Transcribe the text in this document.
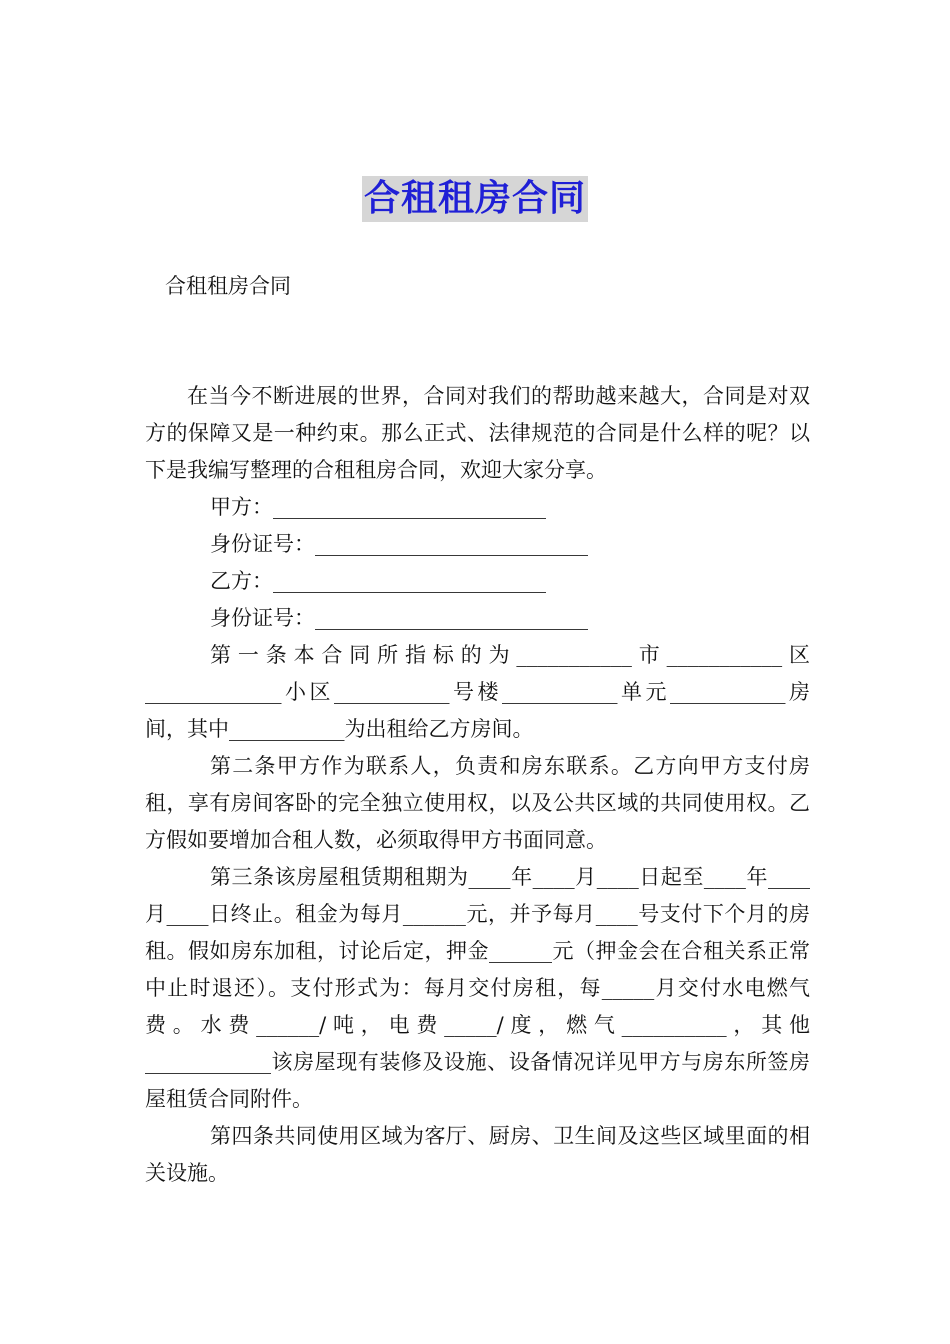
合租租房合同
合租租房合同

在当今不断进展的世界，合同对我们的帮助越来越大，合同是对双方的保障又是一种约束。那么正式、法律规范的合同是什么样的呢？以下是我编写整理的合租租房合同，欢迎大家分享。

甲方：__________________________

身份证号：__________________________

乙方：__________________________

身份证号：__________________________

第一条本合同所指标的为___________市___________区_____________小区___________号楼___________单元___________房间，其中___________为出租给乙方房间。

第二条甲方作为联系人，负责和房东联系。乙方向甲方支付房租，享有房间客卧的完全独立使用权，以及公共区域的共同使用权。乙方假如要增加合租人数，必须取得甲方书面同意。

第三条该房屋租赁期租期为____年____月____日起至____年____月____日终止。租金为每月______元，并予每月____号支付下个月的房租。假如房东加租，讨论后定，押金______元（押金会在合租关系正常中止时退还）。支付形式为：每月交付房租，每_____月交付水电燃气费。水费______/吨，电费_____/度，燃气__________，其他____________该房屋现有装修及设施、设备情况详见甲方与房东所签房屋租赁合同附件。

第四条共同使用区域为客厅、厨房、卫生间及这些区域里面的相关设施。
